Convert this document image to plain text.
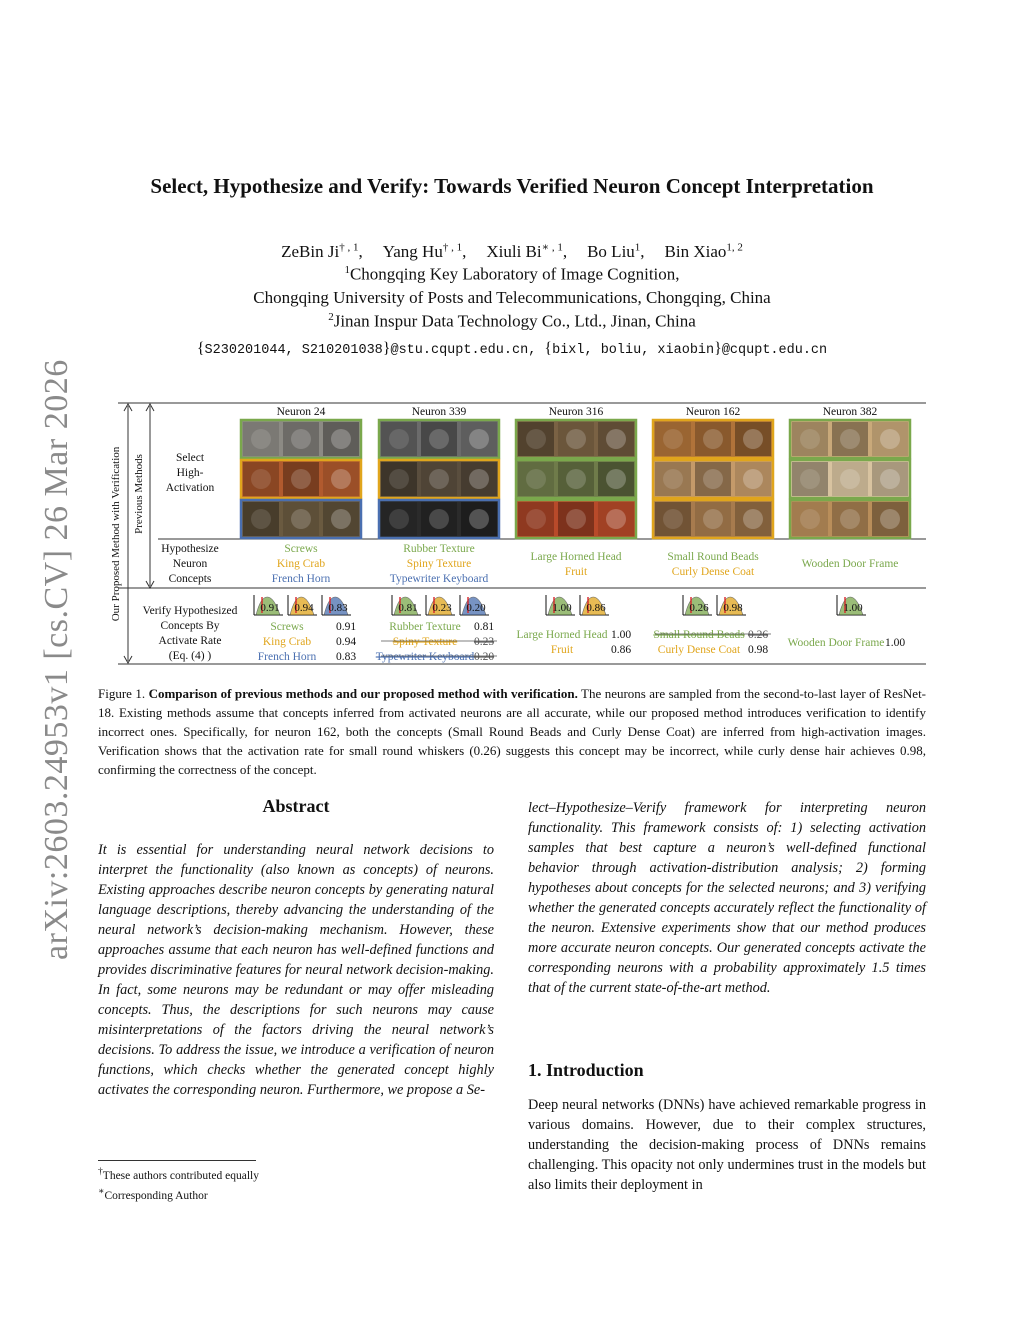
arXiv:2603.24953v1 [cs.CV] 26 Mar 2026
Select, Hypothesize and Verify: Towards Verified Neuron Concept Interpretation
ZeBin $Ji^{\dagger , 1}$, Yang $Hu^{\dagger , 1}$, Xiuli $Bi^{∗ , 1}$, Bo Liu$^1$, Bin Xiao$^{1, 2}$
$^1$Chongqing Key Laboratory of Image Cognition,
Chongqing University of Posts and Telecommunications, Chongqing, China
$^2$Jinan Inspur Data Technology Co., Ltd., Jinan, China
{S230201044, S210201038}@stu.cqupt.edu.cn, {bixl, boliu, xiaobin}@cqupt.edu.cn
Our Proposed Method with Verification Previous Methods	Select
High-
Activation
Hypothesize
Neuron
Concepts
Verify Hypothesized
Concepts By
Activate Rate
(Eq. (4) )
Neuron 24
Screws
King Crab
French Horn
0.91 0.94 0.83
Screws	0.91
King Crab 0.94
French Horn 0.83
Neuron 339
Rubber Texture
Spiny Texture
Typewriter Keyboard
0.81 0.23 0.20
Rubber Texture 0.81
Spiny Texture 0.23
Typewriter Keyboard 0.20
Neuron 316
Large Horned Head
Fruit
1.00 0.86
Large Horned Head 1.00
Fruit	0.86
Neuron 162
Small Round Beads
Curly Dense Coat
0.26 0.98
Small Round Beads 0.26
Curly Dense Coat 0.98
Neuron 382
Wooden Door Frame
1.00
Wooden Door Frame 1.00
Figure 1. Comparison of previous methods and our proposed method with verification. The neurons are sampled from the second-to-last layer of ResNet-18. Existing methods assume that concepts inferred from activated neurons are all accurate, while our proposed method introduces verification to identify incorrect ones. Specifically, for neuron 162, both the concepts (Small Round Beads and Curly Dense Coat) are inferred from high-activation images. Verification shows that the activation rate for small round whiskers (0.26) suggests this concept may be incorrect, while curly dense hair achieves 0.98, confirming the correctness of the concept.
Abstract
It is essential for understanding neural network decisions to interpret the functionality (also known as concepts) of neurons. Existing approaches describe neuron concepts by generating natural language descriptions, thereby advancing the understanding of the neural network’s decision-making mechanism. However, these approaches assume that each neuron has well-defined functions and provides discriminative features for neural network decision-making. In fact, some neurons may be redundant or may offer misleading concepts. Thus, the descriptions for such neurons may cause misinterpretations of the factors driving the neural network’s decisions. To address the issue, we introduce a verification of neuron functions, which checks whether the generated concept highly activates the corresponding neuron. Furthermore, we propose a Se-
lect–Hypothesize–Verify framework for interpreting neuron functionality. This framework consists of: 1) selecting activation samples that best capture a neuron’s well-defined functional behavior through activation-distribution analysis; 2) forming hypotheses about concepts for the selected neurons; and 3) verifying whether the generated concepts accurately reflect the functionality of the neuron. Extensive experiments show that our method produces more accurate neuron concepts. Our generated concepts activate the corresponding neurons with a probability approximately 1.5 times that of the current state-of-the-art method.
1. Introduction
Deep neural networks (DNNs) have achieved remarkable progress in various domains. However, due to their complex structures, understanding the decision-making process of DNNs remains challenging. This opacity not only undermines trust in the models but also limits their deployment in
†These authors contributed equally
∗Corresponding Author
